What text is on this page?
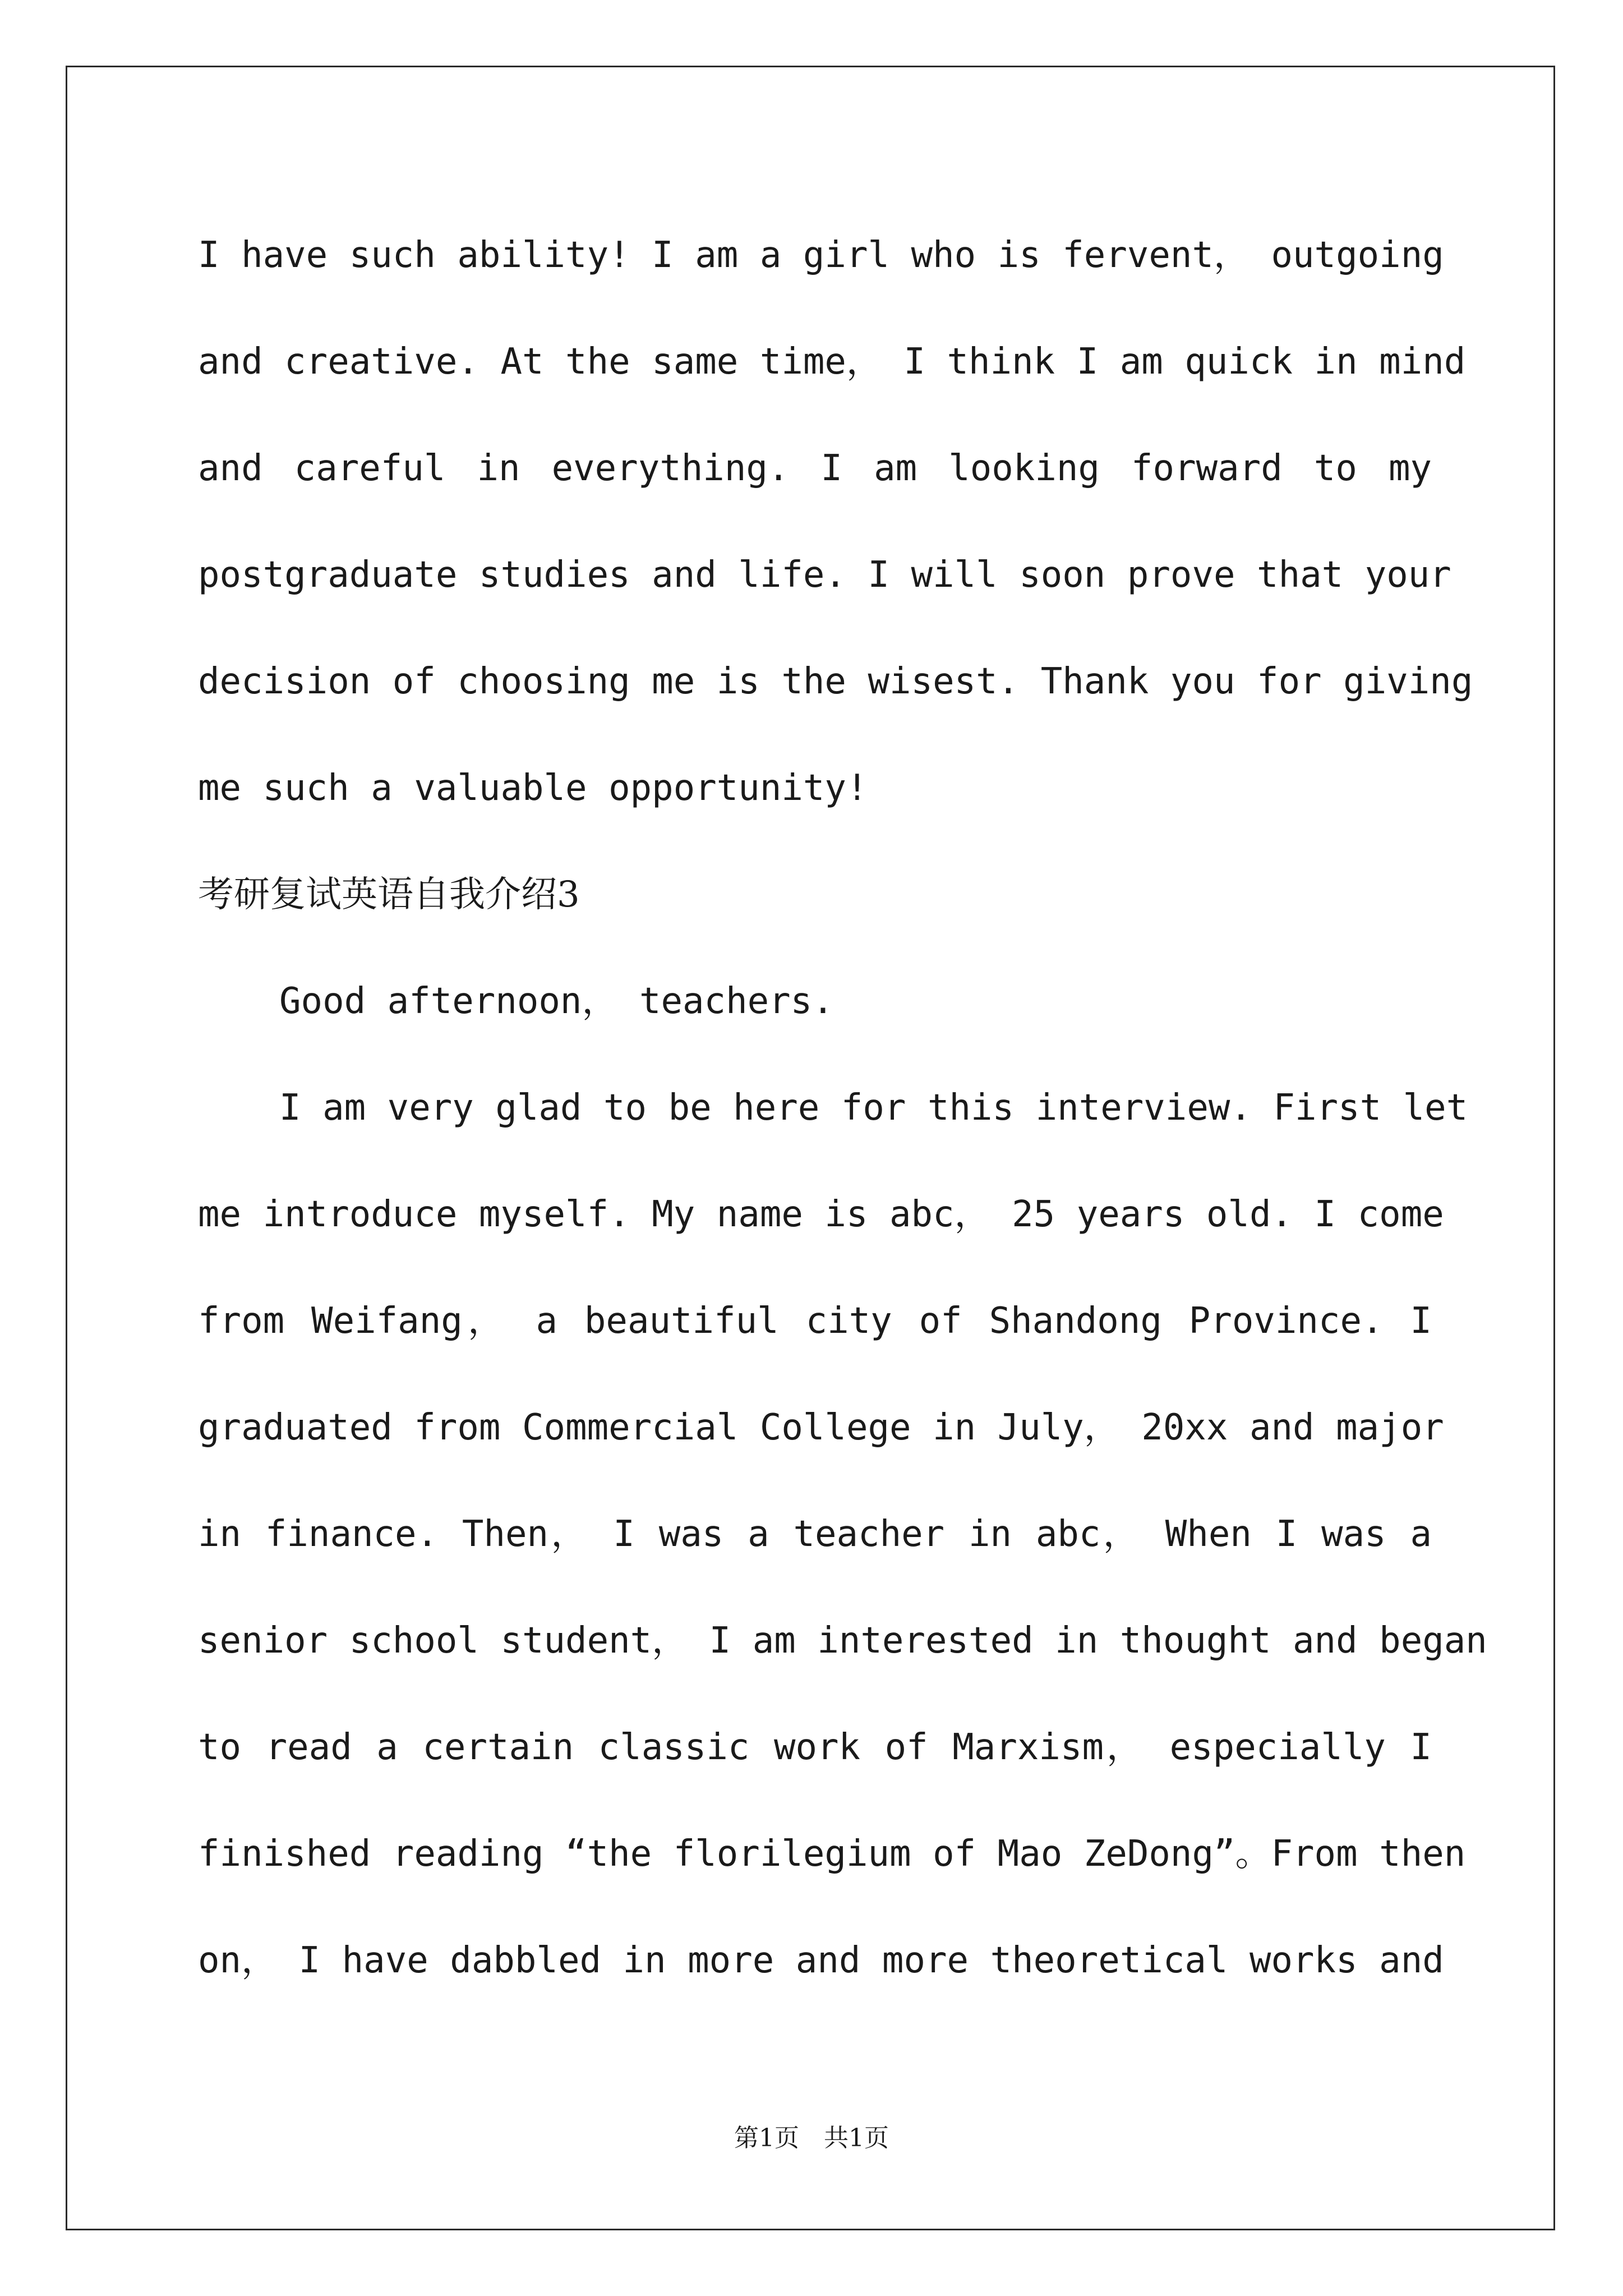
I have such ability! I am a girl who is fervent， outgoing
and creative. At the same time， I think I am quick in mind
and careful in everything. I am looking forward to my
postgraduate studies and life. I will soon prove that your
decision of choosing me is the wisest. Thank you for giving
me such a valuable opportunity!
考研复试英语自我介绍3
Good afternoon， teachers.
I am very glad to be here for this interview. First let
me introduce myself. My name is abc， 25 years old. I come
from Weifang， a beautiful city of Shandong Province. I
graduated from Commercial College in July， 20xx and major
in finance. Then， I was a teacher in abc， When I was a
senior school student， I am interested in thought and began
to read a certain classic work of Marxism， especially I
finished reading “the florilegium of Mao ZeDong”。From then
on， I have dabbled in more and more theoretical works and
第1页　共1页
